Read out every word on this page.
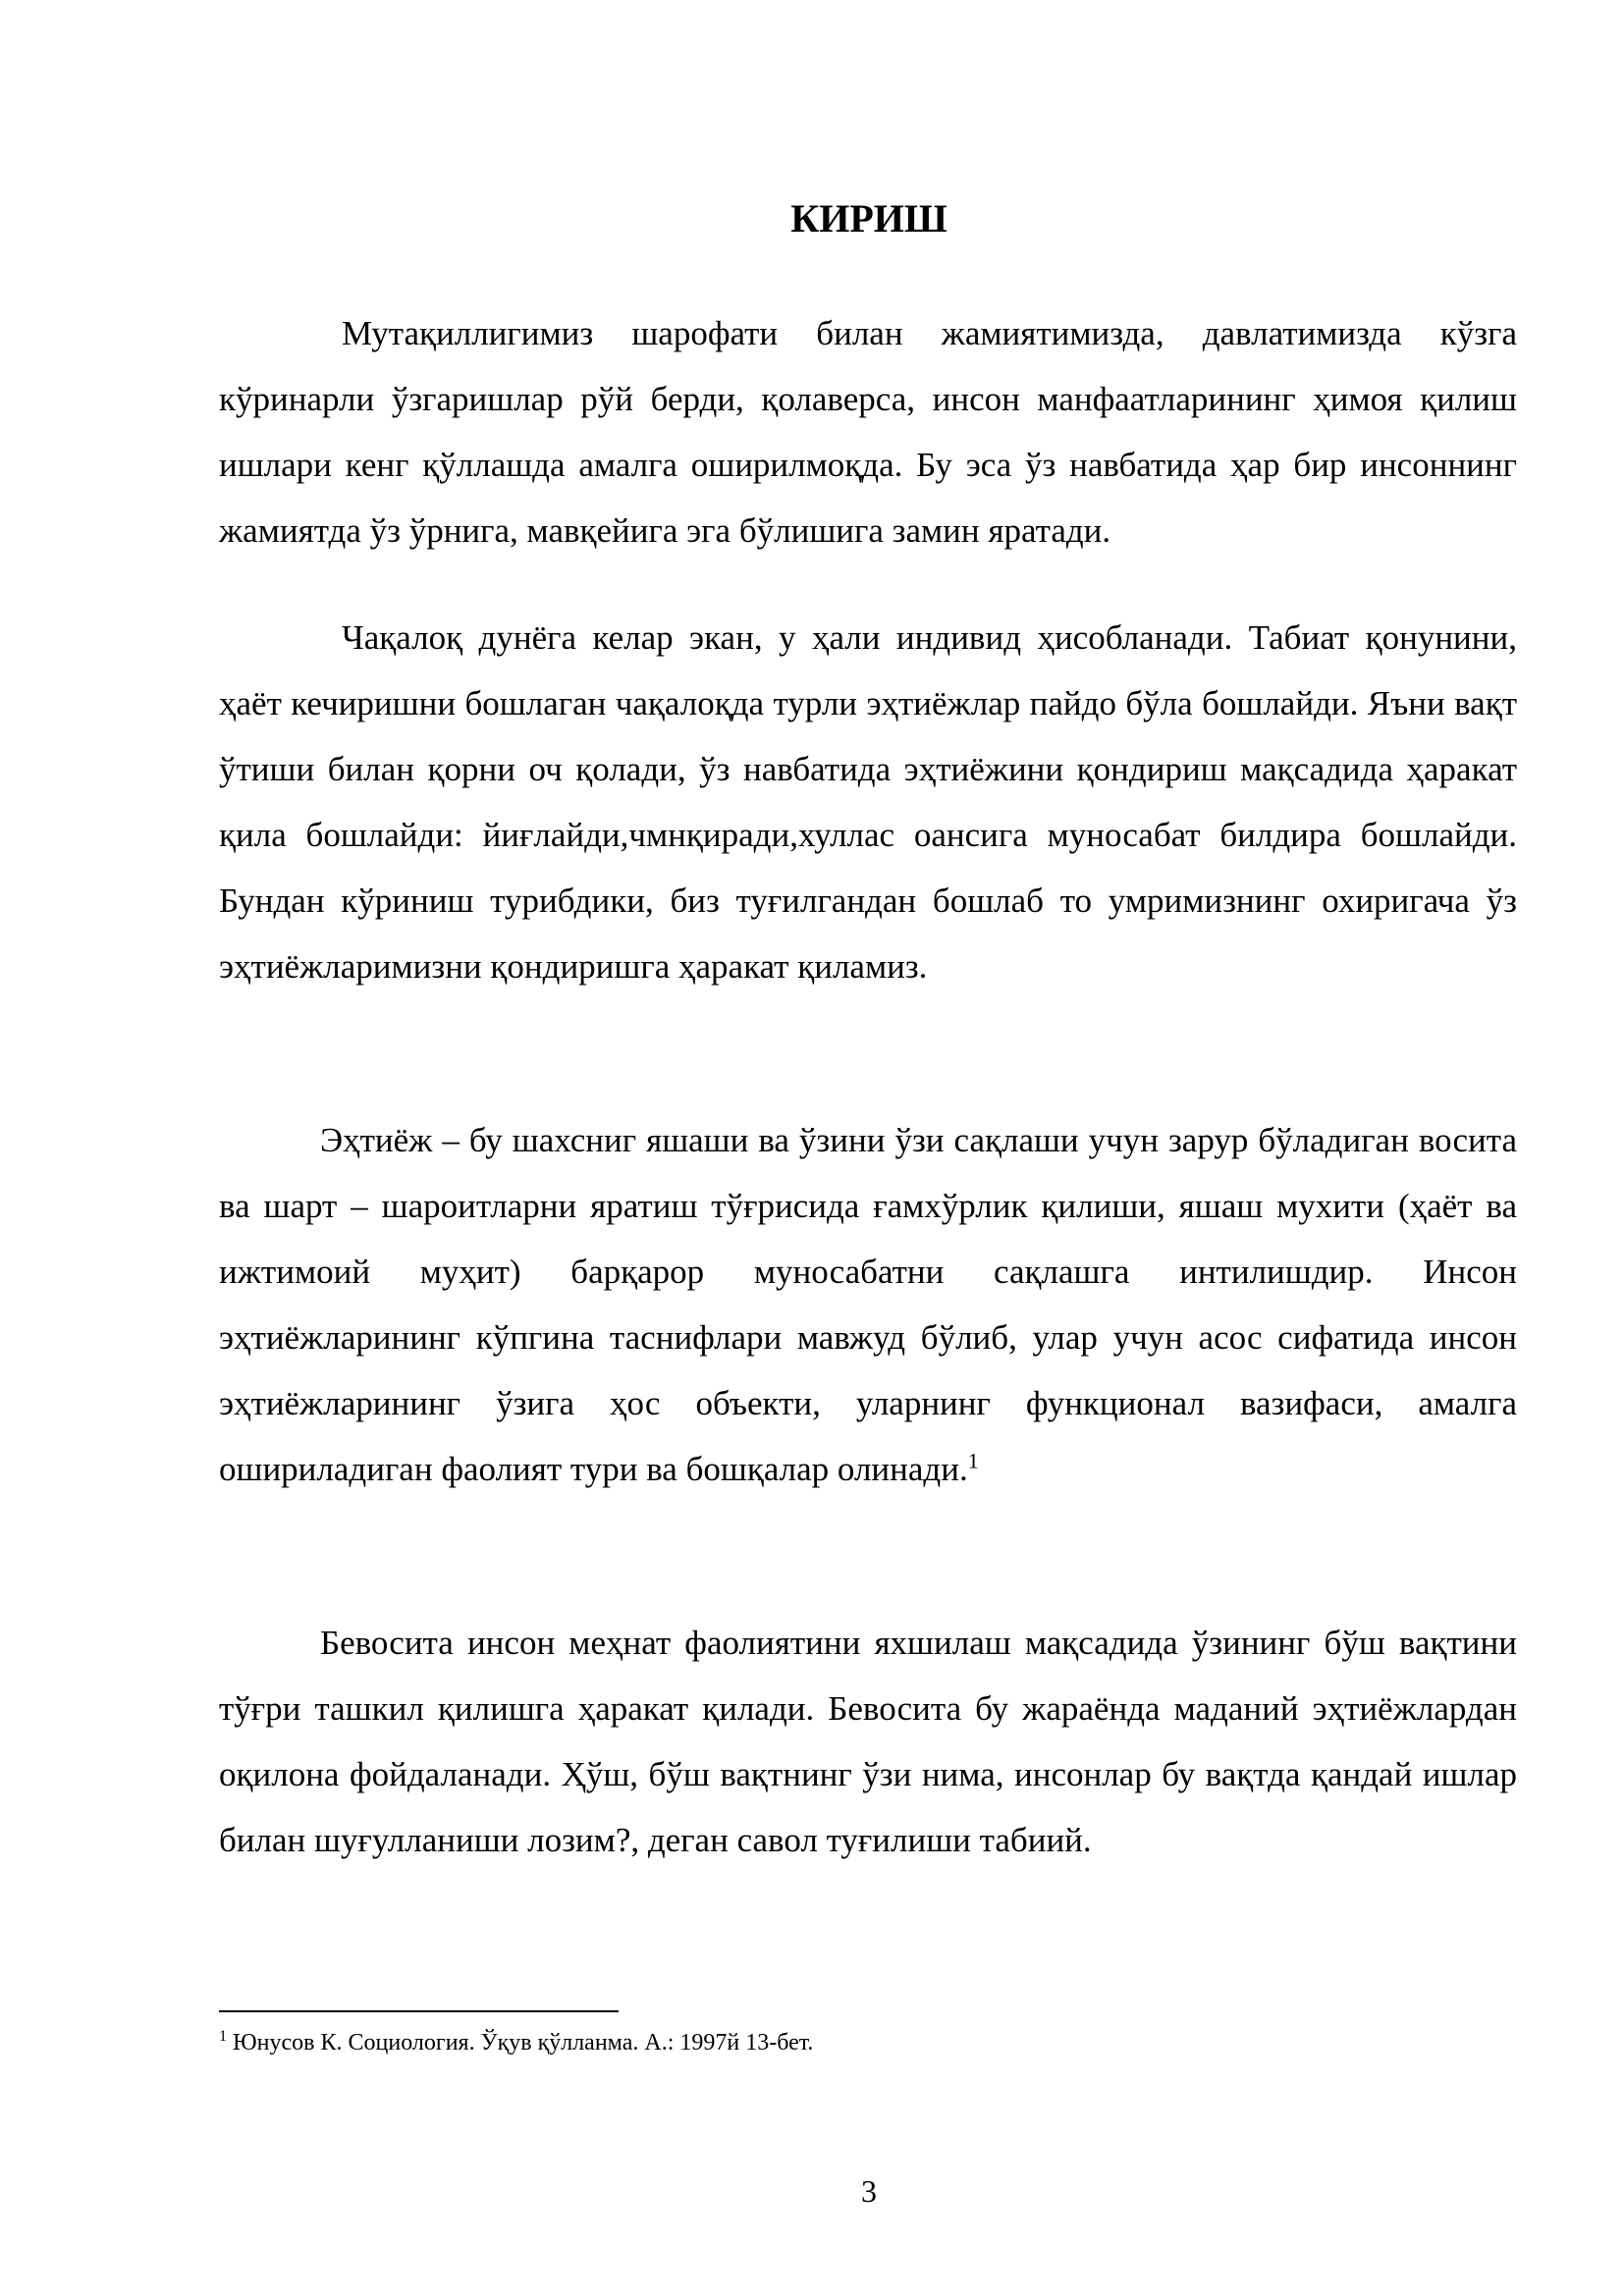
КИРИШ

Мутақиллигимиз шарофати билан жамиятимизда, давлатимизда кўзга кўринарли ўзгаришлар рўй берди, қолаверса, инсон манфаатларининг ҳимоя қилиш ишлари кенг қўллашда амалга оширилмоқда. Бу эса ўз навбатида ҳар бир инсоннинг жамиятда ўз ўрнига, мавқейига эга бўлишига замин яратади.

Чақалоқ дунёга келар экан, у ҳали индивид ҳисобланади. Табиат қонунини, ҳаёт кечиришни бошлаган чақалоқда турли эҳтиёжлар пайдо бўла бошлайди. Яъни вақт ўтиши билан қорни оч қолади, ўз навбатида эҳтиёжини қондириш мақсадида ҳаракат қила бошлайди: йиғлайди,чмнқиради,хуллас оансига муносабат билдира бошлайди. Бундан кўриниш турибдики, биз туғилгандан бошлаб то умримизнинг охиригача ўз эҳтиёжларимизни қондиришга ҳаракат қиламиз.

Эҳтиёж – бу шахсниг яшаши ва ўзини ўзи сақлаши учун зарур бўладиган восита ва шарт – шароитларни яратиш тўғрисида ғамхўрлик қилиши, яшаш мухити (ҳаёт ва ижтимоий муҳит) барқарор муносабатни сақлашга интилишдир. Инсон эҳтиёжларининг кўпгина таснифлари мавжуд бўлиб, улар учун асос сифатида инсон эҳтиёжларининг ўзига ҳос объекти, уларнинг функционал вазифаси, амалга ошириладиган фаолият тури ва бошқалар олинади.$^1$

Бевосита инсон меҳнат фаолиятини яхшилаш мақсадида ўзининг бўш вақтини тўғри ташкил қилишга ҳаракат қилади. Бевосита бу жараёнда маданий эҳтиёжлардан оқилона фойдаланади. Ҳўш, бўш вақтнинг ўзи нима, инсонлар бу вақтда қандай ишлар билан шуғулланиши лозим?, деган савол туғилиши табиий.

$^1$ Юнусов К. Социология. Ўқув қўлланма. А.: 1997й 13-бет.
3
